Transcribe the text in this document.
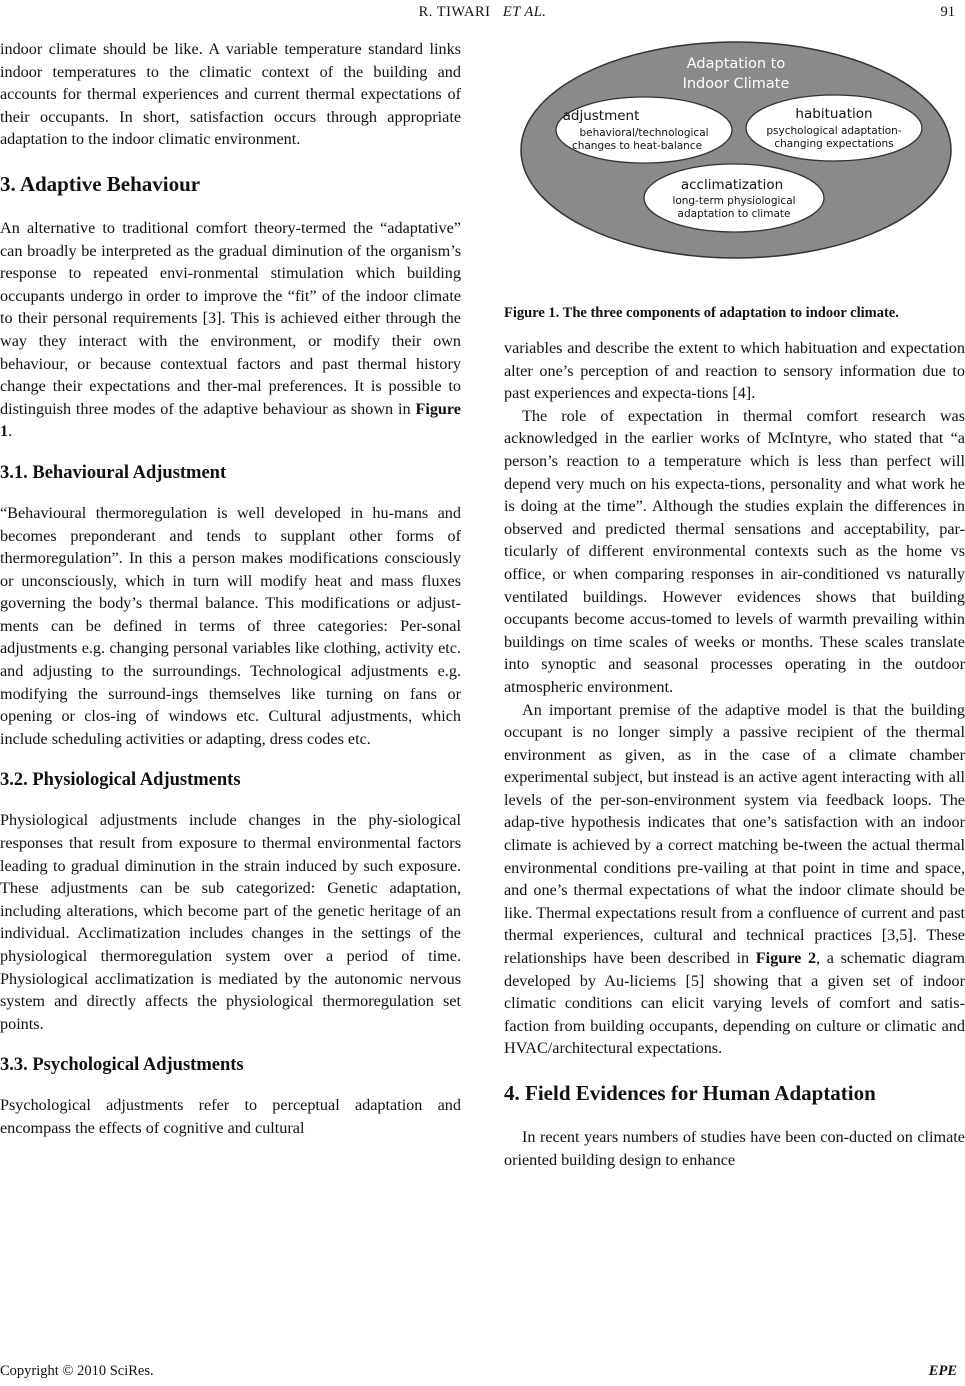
R. TIWARI ET AL.	91

indoor climate should be like. A variable temperature standard links indoor temperatures to the climatic context of the building and accounts for thermal experiences and current thermal expectations of their occupants. In short, satisfaction occurs through appropriate adaptation to the indoor climatic environment.

3. Adaptive Behaviour

An alternative to traditional comfort theory-termed the “adaptative” can broadly be interpreted as the gradual diminution of the organism’s response to repeated envi-ronmental stimulation which building occupants undergo in order to improve the “fit” of the indoor climate to their personal requirements [3]. This is achieved either through the way they interact with the environment, or modify their own behaviour, or because contextual factors and past thermal history change their expectations and ther-mal preferences. It is possible to distinguish three modes of the adaptive behaviour as shown in Figure 1.

3.1. Behavioural Adjustment

“Behavioural thermoregulation is well developed in hu-mans and becomes preponderant and tends to supplant other forms of thermoregulation”. In this a person makes modifications consciously or unconsciously, which in turn will modify heat and mass fluxes governing the body’s thermal balance. This modifications or adjust-ments can be defined in terms of three categories: Per-sonal adjustments e.g. changing personal variables like clothing, activity etc. and adjusting to the surroundings. Technological adjustments e.g. modifying the surround-ings themselves like turning on fans or opening or clos-ing of windows etc. Cultural adjustments, which include scheduling activities or adapting, dress codes etc.

3.2. Physiological Adjustments

Physiological adjustments include changes in the phy-siological responses that result from exposure to thermal environmental factors leading to gradual diminution in the strain induced by such exposure. These adjustments can be sub categorized: Genetic adaptation, including alterations, which become part of the genetic heritage of an individual. Acclimatization includes changes in the settings of the physiological thermoregulation system over a period of time. Physiological acclimatization is mediated by the autonomic nervous system and directly affects the physiological thermoregulation set points.

3.3. Psychological Adjustments

Psychological adjustments refer to perceptual adaptation and encompass the effects of cognitive and cultural

Adaptation to
Indoor Climate
adjustment
behavioral/technological
changes to heat-balance
habituation
psychological adaptation-
changing expectations
acclimatization
long-term physiological
adaptation to climate

Figure 1. The three components of adaptation to indoor climate.

variables and describe the extent to which habituation and expectation alter one’s perception of and reaction to sensory information due to past experiences and expecta-tions [4].

The role of expectation in thermal comfort research was acknowledged in the earlier works of McIntyre, who stated that “a person’s reaction to a temperature which is less than perfect will depend very much on his expecta-tions, personality and what work he is doing at the time”. Although the studies explain the differences in observed and predicted thermal sensations and acceptability, par-ticularly of different environmental contexts such as the home vs office, or when comparing responses in air-conditioned vs naturally ventilated buildings. However evidences shows that building occupants become accus-tomed to levels of warmth prevailing within buildings on time scales of weeks or months. These scales translate into synoptic and seasonal processes operating in the outdoor atmospheric environment.

An important premise of the adaptive model is that the building occupant is no longer simply a passive recipient of the thermal environment as given, as in the case of a climate chamber experimental subject, but instead is an active agent interacting with all levels of the per-son-environment system via feedback loops. The adap-tive hypothesis indicates that one’s satisfaction with an indoor climate is achieved by a correct matching be-tween the actual thermal environmental conditions pre-vailing at that point in time and space, and one’s thermal expectations of what the indoor climate should be like. Thermal expectations result from a confluence of current and past thermal experiences, cultural and technical practices [3,5]. These relationships have been described in Figure 2, a schematic diagram developed by Au-liciems [5] showing that a given set of indoor climatic conditions can elicit varying levels of comfort and satis-faction from building occupants, depending on culture or climatic and HVAC/architectural expectations.

4. Field Evidences for Human Adaptation

In recent years numbers of studies have been con-ducted on climate oriented building design to enhance

Copyright © 2010 SciRes.	EPE
